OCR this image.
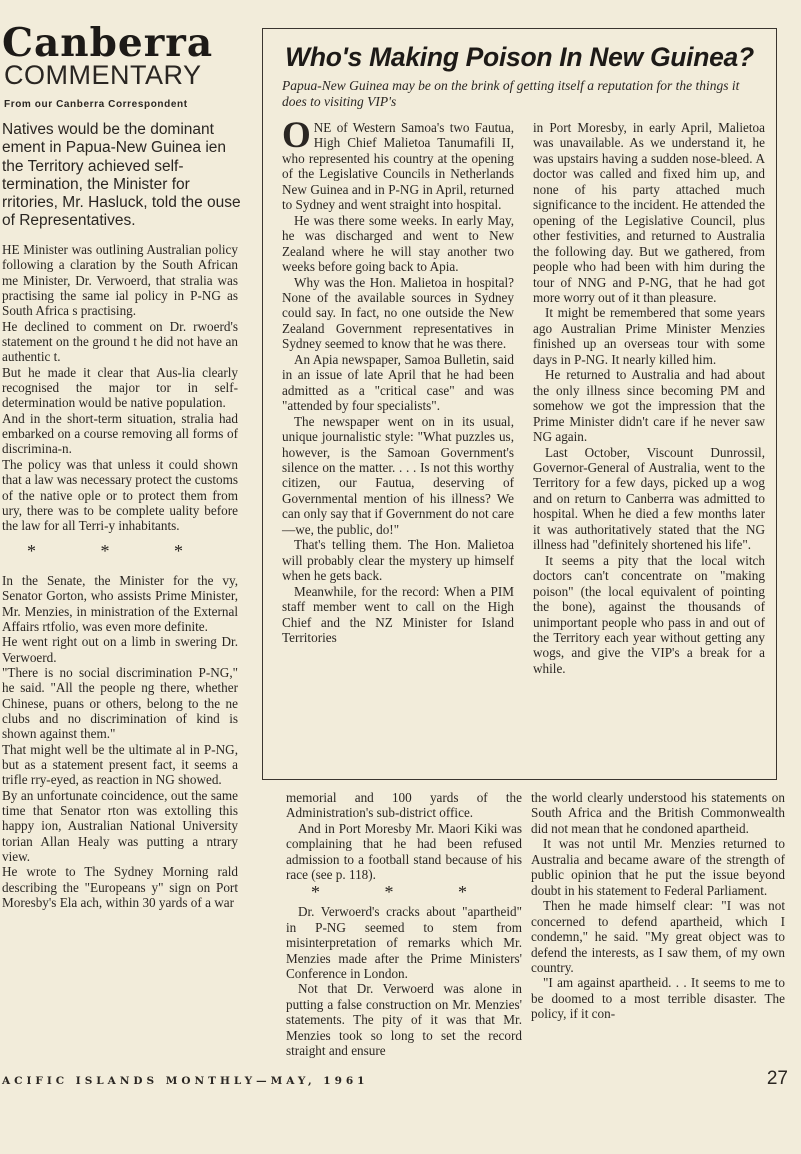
Canberra
COMMENTARY
From our Canberra Correspondent
Natives would be the dominant ement in Papua-New Guinea ien the Territory achieved self-termination, the Minister for rritories, Mr. Hasluck, told the ouse of Representatives.

HE Minister was outlining Australian policy following a claration by the South African me Minister, Dr. Verwoerd, that stralia was practising the same ial policy in P-NG as South Africa s practising.

He declined to comment on Dr. rwoerd's statement on the ground t he did not have an authentic t.

But he made it clear that Aus-lia clearly recognised the major tor in self-determination would be native population.

And in the short-term situation, stralia had embarked on a course removing all forms of discrimina-n.

The policy was that unless it could shown that a law was necessary protect the customs of the native ople or to protect them from ury, there was to be complete uality before the law for all Terri-y inhabitants.

* * *

In the Senate, the Minister for the vy, Senator Gorton, who assists Prime Minister, Mr. Menzies, in ministration of the External Affairs rtfolio, was even more definite.

He went right out on a limb in swering Dr. Verwoerd.

"There is no social discrimination P-NG," he said. "All the people ng there, whether Chinese, puans or others, belong to the ne clubs and no discrimination of kind is shown against them."

That might well be the ultimate al in P-NG, but as a statement present fact, it seems a trifle rry-eyed, as reaction in NG showed.

By an unfortunate coincidence, out the same time that Senator rton was extolling this happy ion, Australian National University torian Allan Healy was putting a ntrary view.

He wrote to The Sydney Morning rald describing the "Europeans y" sign on Port Moresby's Ela ach, within 30 yards of a war

Who's Making Poison In New Guinea?
Papua-New Guinea may be on the brink of getting itself a reputation for the things it does to visiting VIP's

ONE of Western Samoa's two Fautua, High Chief Malietoa Tanumafili II, who represented his country at the opening of the Legislative Councils in Netherlands New Guinea and in P-NG in April, returned to Sydney and went straight into hospital.

He was there some weeks. In early May, he was discharged and went to New Zealand where he will stay another two weeks before going back to Apia.

Why was the Hon. Malietoa in hospital? None of the available sources in Sydney could say. In fact, no one outside the New Zealand Government representatives in Sydney seemed to know that he was there.

An Apia newspaper, Samoa Bulletin, said in an issue of late April that he had been admitted as a "critical case" and was "attended by four specialists".

The newspaper went on in its usual, unique journalistic style: "What puzzles us, however, is the Samoan Government's silence on the matter. . . . Is not this worthy citizen, our Fautua, deserving of Governmental mention of his illness? We can only say that if Government do not care—we, the public, do!"

That's telling them. The Hon. Malietoa will probably clear the mystery up himself when he gets back.

Meanwhile, for the record: When a PIM staff member went to call on the High Chief and the NZ Minister for Island Territories

in Port Moresby, in early April, Malietoa was unavailable. As we understand it, he was upstairs having a sudden nose-bleed. A doctor was called and fixed him up, and none of his party attached much significance to the incident. He attended the opening of the Legislative Council, plus other festivities, and returned to Australia the following day. But we gathered, from people who had been with him during the tour of NNG and P-NG, that he had got more worry out of it than pleasure.

It might be remembered that some years ago Australian Prime Minister Menzies finished up an overseas tour with some days in P-NG. It nearly killed him.

He returned to Australia and had about the only illness since becoming PM and somehow we got the impression that the Prime Minister didn't care if he never saw NG again.

Last October, Viscount Dunrossil, Governor-General of Australia, went to the Territory for a few days, picked up a wog and on return to Canberra was admitted to hospital. When he died a few months later it was authoritatively stated that the NG illness had "definitely shortened his life".

It seems a pity that the local witch doctors can't concentrate on "making poison" (the local equivalent of pointing the bone), against the thousands of unimportant people who pass in and out of the Territory each year without getting any wogs, and give the VIP's a break for a while.

memorial and 100 yards of the Administration's sub-district office.

And in Port Moresby Mr. Maori Kiki was complaining that he had been refused admission to a football stand because of his race (see p. 118).

* * *

Dr. Verwoerd's cracks about "apartheid" in P-NG seemed to stem from misinterpretation of remarks which Mr. Menzies made after the Prime Ministers' Conference in London.

Not that Dr. Verwoerd was alone in putting a false construction on Mr. Menzies' statements. The pity of it was that Mr. Menzies took so long to set the record straight and ensure

the world clearly understood his statements on South Africa and the British Commonwealth did not mean that he condoned apartheid.

It was not until Mr. Menzies returned to Australia and became aware of the strength of public opinion that he put the issue beyond doubt in his statement to Federal Parliament.

Then he made himself clear: "I was not concerned to defend apartheid, which I condemn," he said. "My great object was to defend the interests, as I saw them, of my own country.

"I am against apartheid. . . It seems to me to be doomed to a most terrible disaster. The policy, if it con-

ACIFIC ISLANDS MONTHLY—MAY, 1961	27
